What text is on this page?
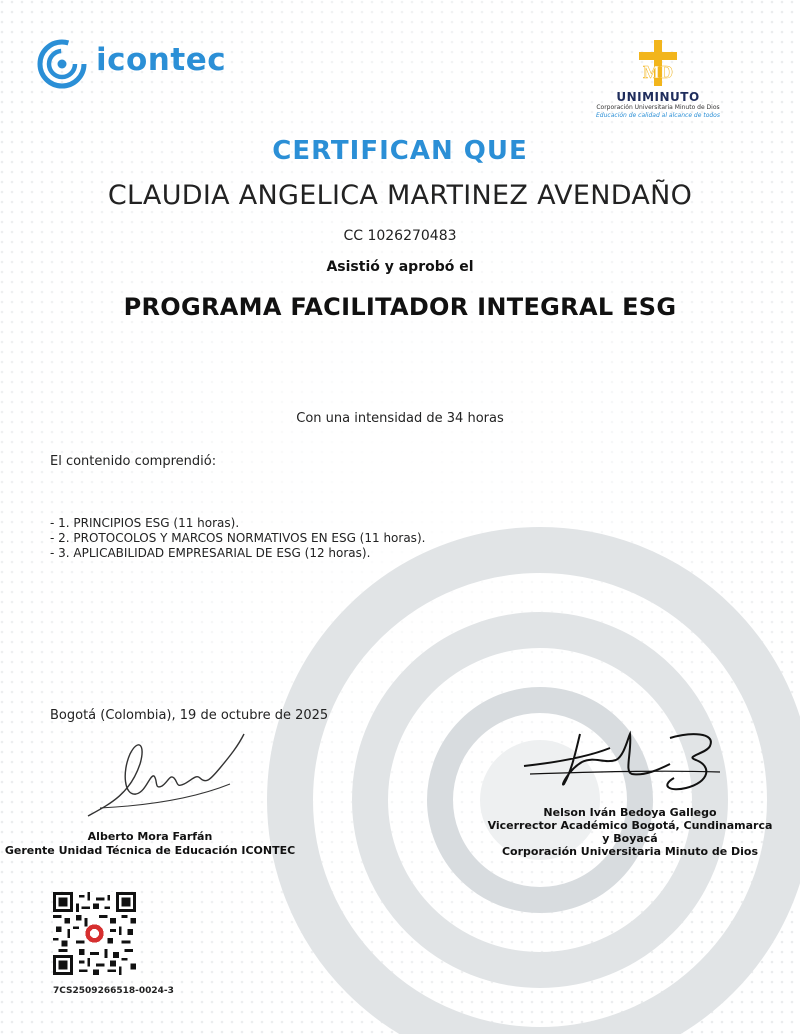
icontec	MD
UNIMINUTO
Corporación Universitaria Minuto de Dios
Educación de calidad al alcance de todos
CERTIFICAN QUE
CLAUDIA ANGELICA MARTINEZ AVENDAÑO
CC 1026270483
Asistió y aprobó el
PROGRAMA FACILITADOR INTEGRAL ESG
Con una intensidad de 34 horas
El contenido comprendió:
- 1. PRINCIPIOS ESG (11 horas).
- 2. PROTOCOLOS Y MARCOS NORMATIVOS EN ESG (11 horas).
- 3. APLICABILIDAD EMPRESARIAL DE ESG (12 horas).
Bogotá (Colombia), 19 de octubre de 2025
Alberto Mora Farfán
Gerente Unidad Técnica de Educación ICONTEC
Nelson Iván Bedoya Gallego
Vicerrector Académico Bogotá, Cundinamarca
y Boyacá
Corporación Universitaria Minuto de Dios
7CS2509266518-0024-3
